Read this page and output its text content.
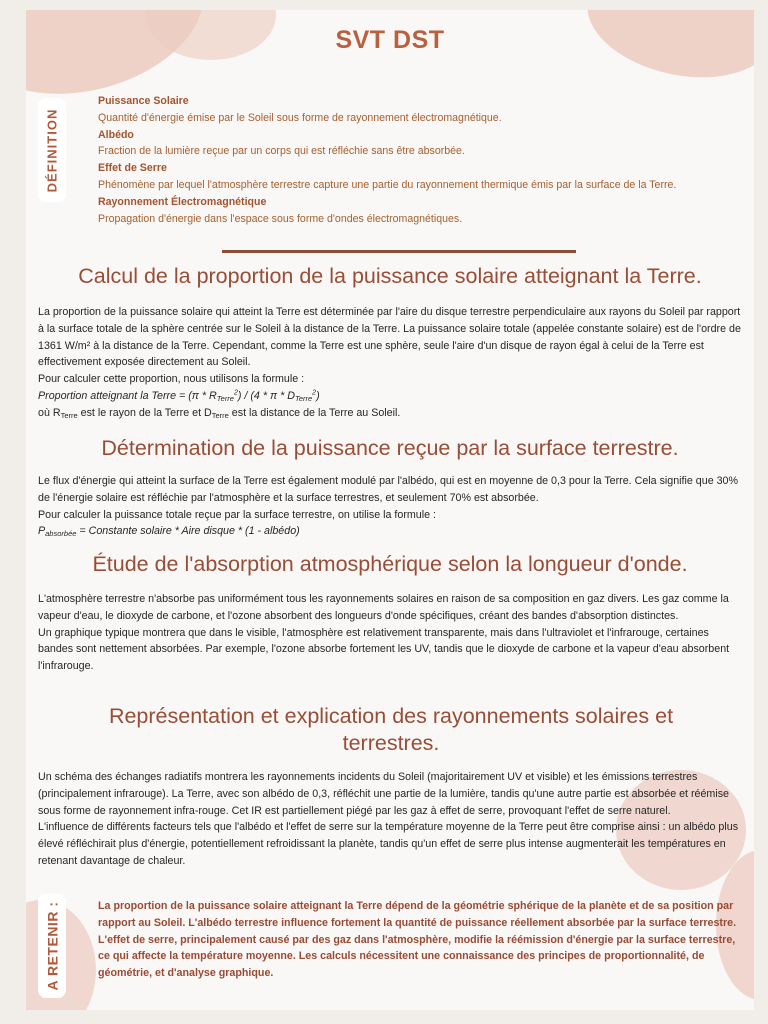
SVT DST
DÉFINITION
Puissance Solaire
Quantité d'énergie émise par le Soleil sous forme de rayonnement électromagnétique.
Albédo
Fraction de la lumière reçue par un corps qui est réfléchie sans être absorbée.
Effet de Serre
Phénomène par lequel l'atmosphère terrestre capture une partie du rayonnement thermique émis par la surface de la Terre.
Rayonnement Électromagnétique
Propagation d'énergie dans l'espace sous forme d'ondes électromagnétiques.
Calcul de la proportion de la puissance solaire atteignant la Terre.

La proportion de la puissance solaire qui atteint la Terre est déterminée par l'aire du disque terrestre perpendiculaire aux rayons du Soleil par rapport à la surface totale de la sphère centrée sur le Soleil à la distance de la Terre. La puissance solaire totale (appelée constante solaire) est de l'ordre de 1361 W/m² à la distance de la Terre. Cependant, comme la Terre est une sphère, seule l'aire d'un disque de rayon égal à celui de la Terre est effectivement exposée directement au Soleil.

Pour calculer cette proportion, nous utilisons la formule :

Proportion atteignant la Terre = $(\pi * R_{Terre}^2) / (4$ * π * $D_{Terre}^2$)

où $R_{Terre}$ est le rayon de la Terre et $D_{Terre}$ est la distance de la Terre au Soleil.

Détermination de la puissance reçue par la surface terrestre.

Le flux d'énergie qui atteint la surface de la Terre est également modulé par l'albédo, qui est en moyenne de 0,3 pour la Terre. Cela signifie que 30% de l'énergie solaire est réfléchie par l'atmosphère et la surface terrestres, et seulement 70% est absorbée.

Pour calculer la puissance totale reçue par la surface terrestre, on utilise la formule :

$P_{absorbée}$ = Constante solaire * Aire disque * (1 - albédo)

Étude de l'absorption atmosphérique selon la longueur d'onde.

L'atmosphère terrestre n'absorbe pas uniformément tous les rayonnements solaires en raison de sa composition en gaz divers. Les gaz comme la vapeur d'eau, le dioxyde de carbone, et l'ozone absorbent des longueurs d'onde spécifiques, créant des bandes d'absorption distinctes.

Un graphique typique montrera que dans le visible, l'atmosphère est relativement transparente, mais dans l'ultraviolet et l'infrarouge, certaines bandes sont nettement absorbées. Par exemple, l'ozone absorbe fortement les UV, tandis que le dioxyde de carbone et la vapeur d'eau absorbent l'infrarouge.

Représentation et explication des rayonnements solaires et terrestres.

Un schéma des échanges radiatifs montrera les rayonnements incidents du Soleil (majoritairement UV et visible) et les émissions terrestres (principalement infrarouge). La Terre, avec son albédo de 0,3, réfléchit une partie de la lumière, tandis qu'une autre partie est absorbée et réémise sous forme de rayonnement infra-rouge. Cet IR est partiellement piégé par les gaz à effet de serre, provoquant l'effet de serre naturel.

L'influence de différents facteurs tels que l'albédo et l'effet de serre sur la température moyenne de la Terre peut être comprise ainsi : un albédo plus élevé réfléchirait plus d'énergie, potentiellement refroidissant la planète, tandis qu'un effet de serre plus intense augmenterait les températures en retenant davantage de chaleur.

A RETENIR :	La proportion de la puissance solaire atteignant la Terre dépend de la géométrie sphérique de la planète et de sa position par rapport au Soleil. L'albédo terrestre influence fortement la quantité de puissance réellement absorbée par la surface terrestre. L'effet de serre, principalement causé par des gaz dans l'atmosphère, modifie la réémission d'énergie par la surface terrestre, ce qui affecte la température moyenne. Les calculs nécessitent une connaissance des principes de proportionnalité, de géométrie, et d'analyse graphique.
